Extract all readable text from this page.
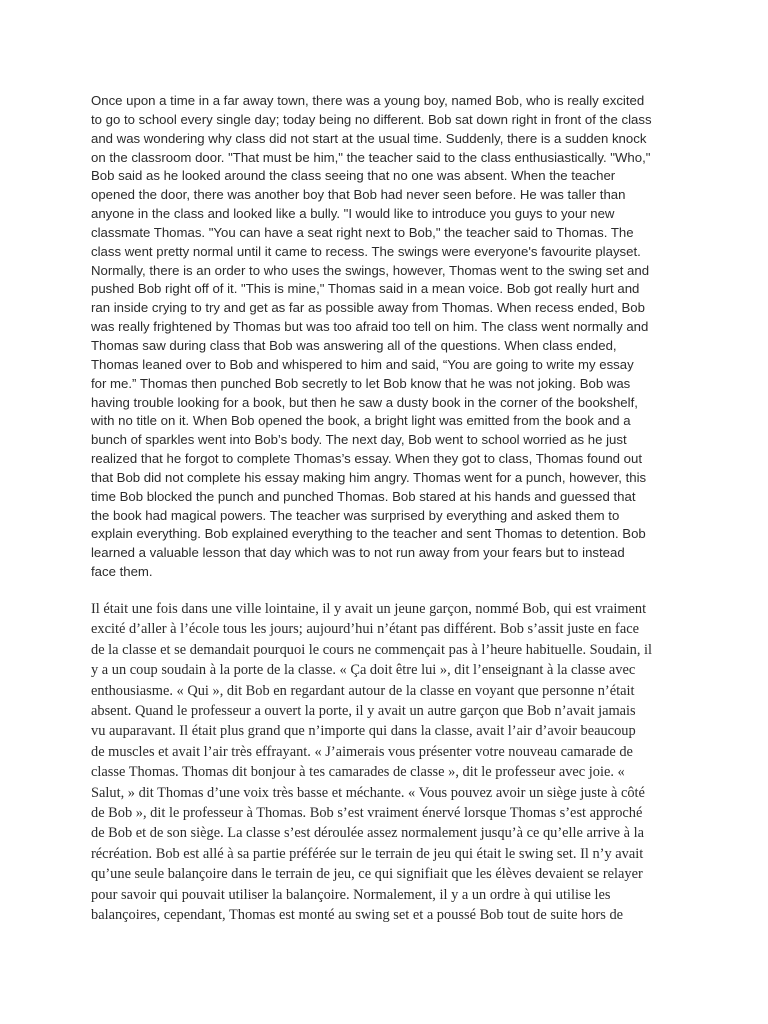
Once upon a time in a far away town, there was a young boy, named Bob, who is really excited
to go to school every single day; today being no different. Bob sat down right in front of the class
and was wondering why class did not start at the usual time. Suddenly, there is a sudden knock
on the classroom door. "That must be him," the teacher said to the class enthusiastically. "Who,"
Bob said as he looked around the class seeing that no one was absent. When the teacher
opened the door, there was another boy that Bob had never seen before. He was taller than
anyone in the class and looked like a bully. "I would like to introduce you guys to your new
classmate Thomas. "You can have a seat right next to Bob," the teacher said to Thomas. The
class went pretty normal until it came to recess. The swings were everyone's favourite playset.
Normally, there is an order to who uses the swings, however, Thomas went to the swing set and
pushed Bob right off of it. "This is mine," Thomas said in a mean voice. Bob got really hurt and
ran inside crying to try and get as far as possible away from Thomas. When recess ended, Bob
was really frightened by Thomas but was too afraid too tell on him. The class went normally and
Thomas saw during class that Bob was answering all of the questions. When class ended,
Thomas leaned over to Bob and whispered to him and said, “You are going to write my essay
for me.” Thomas then punched Bob secretly to let Bob know that he was not joking. Bob was
having trouble looking for a book, but then he saw a dusty book in the corner of the bookshelf,
with no title on it. When Bob opened the book, a bright light was emitted from the book and a
bunch of sparkles went into Bob’s body. The next day, Bob went to school worried as he just
realized that he forgot to complete Thomas’s essay. When they got to class, Thomas found out
that Bob did not complete his essay making him angry. Thomas went for a punch, however, this
time Bob blocked the punch and punched Thomas. Bob stared at his hands and guessed that
the book had magical powers. The teacher was surprised by everything and asked them to
explain everything. Bob explained everything to the teacher and sent Thomas to detention. Bob
learned a valuable lesson that day which was to not run away from your fears but to instead
face them.

Il était une fois dans une ville lointaine, il y avait un jeune garçon, nommé Bob, qui est vraiment
excité d’aller à l’école tous les jours; aujourd’hui n’étant pas différent. Bob s’assit juste en face
de la classe et se demandait pourquoi le cours ne commençait pas à l’heure habituelle. Soudain, il
y a un coup soudain à la porte de la classe. « Ça doit être lui », dit l’enseignant à la classe avec
enthousiasme. « Qui », dit Bob en regardant autour de la classe en voyant que personne n’était
absent. Quand le professeur a ouvert la porte, il y avait un autre garçon que Bob n’avait jamais
vu auparavant. Il était plus grand que n’importe qui dans la classe, avait l’air d’avoir beaucoup
de muscles et avait l’air très effrayant. « J’aimerais vous présenter votre nouveau camarade de
classe Thomas. Thomas dit bonjour à tes camarades de classe », dit le professeur avec joie. «
Salut, » dit Thomas d’une voix très basse et méchante. « Vous pouvez avoir un siège juste à côté
de Bob », dit le professeur à Thomas. Bob s’est vraiment énervé lorsque Thomas s’est approché
de Bob et de son siège. La classe s’est déroulée assez normalement jusqu’à ce qu’elle arrive à la
récréation. Bob est allé à sa partie préférée sur le terrain de jeu qui était le swing set. Il n’y avait
qu’une seule balançoire dans le terrain de jeu, ce qui signifiait que les élèves devaient se relayer
pour savoir qui pouvait utiliser la balançoire. Normalement, il y a un ordre à qui utilise les
balançoires, cependant, Thomas est monté au swing set et a poussé Bob tout de suite hors de
